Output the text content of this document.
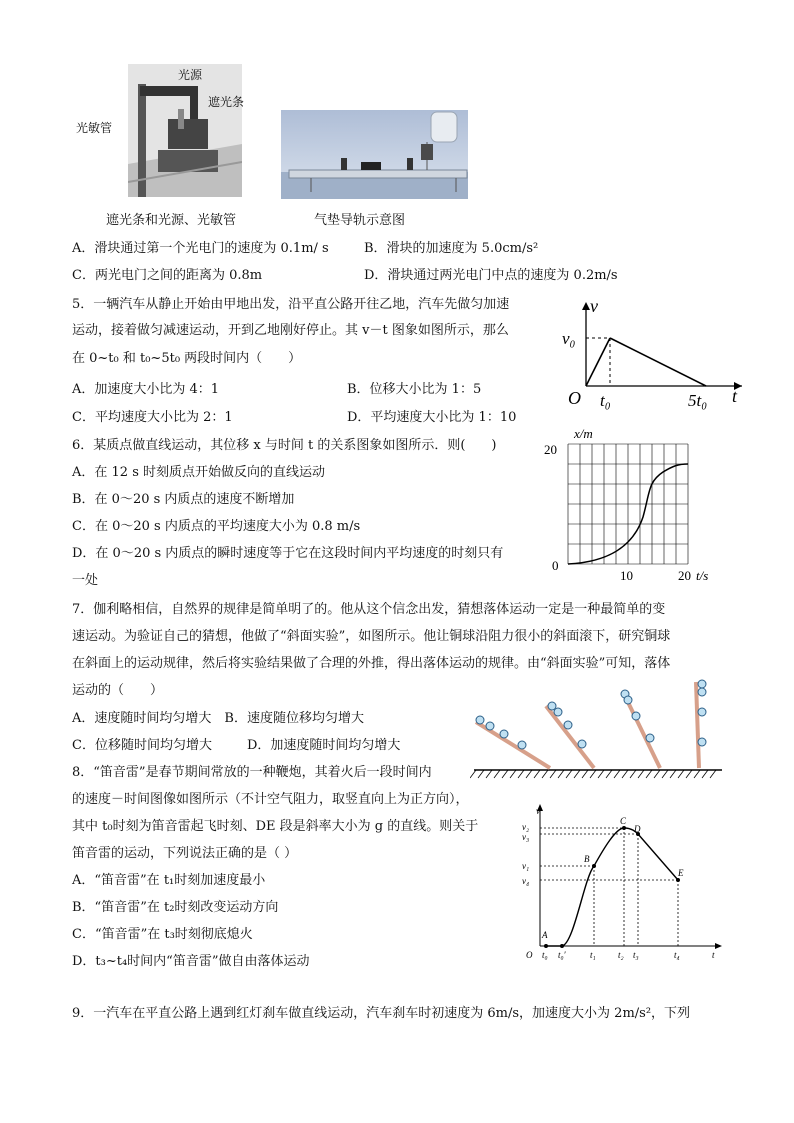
光源
遮光条
光敏管
遮光条和光源、光敏管	气垫导轨示意图
A．滑块通过第一个光电门的速度为 0.1m/ s	B．滑块的加速度为 5.0cm/s²
C．两光电门之间的距离为 0.8m	D．滑块通过两光电门中点的速度为 0.2m/s
5．一辆汽车从静止开始由甲地出发，沿平直公路开往乙地，汽车先做匀加速
运动，接着做匀减速运动，开到乙地刚好停止。其 v－t 图象如图所示，那么
在 0~t₀ 和 t₀~5t₀ 两段时间内（　　）
A．加速度大小比为 4：1	B．位移大小比为 1：5
C．平均速度大小比为 2：1	D．平均速度大小比为 1：10
v
v₀
O t₀	5t₀ t
6．某质点做直线运动，其位移 x 与时间 t 的关系图象如图所示．则(　　)
A．在 12 s 时刻质点开始做反向的直线运动
B．在 0～20 s 内质点的速度不断增加
C．在 0～20 s 内质点的平均速度大小为 0.8 m/s
D．在 0～20 s 内质点的瞬时速度等于它在这段时间内平均速度的时刻只有
一处
x/m
20
0
10	20 t/s
7．伽利略相信，自然界的规律是简单明了的。他从这个信念出发，猜想落体运动一定是一种最简单的变
速运动。为验证自己的猜想，他做了“斜面实验”，如图所示。他让铜球沿阻力很小的斜面滚下，研究铜球
在斜面上的运动规律，然后将实验结果做了合理的外推，得出落体运动的规律。由“斜面实验”可知，落体
运动的（　　）
A．速度随时间均匀增大　B．速度随位移均匀增大
C．位移随时间均匀增大	D．加速度随时间均匀增大
8．“笛音雷”是春节期间常放的一种鞭炮，其着火后一段时间内
的速度－时间图像如图所示（不计空气阻力，取竖直向上为正方向），
其中 t₀时刻为笛音雷起飞时刻、DE 段是斜率大小为 g 的直线。则关于
笛音雷的运动，下列说法正确的是（ ）
A．“笛音雷”在 t₁时刻加速度最小
B．“笛音雷”在 t₂时刻改变运动方向
C．“笛音雷”在 t₃时刻彻底熄火
D．t₃~t₄时间内“笛音雷”做自由落体运动
v
v₂
v₃
v₁
v₄
A
B
C
D
E
O t₀ t₀′	t₁ t₂ t₃	t₄	t
9．一汽车在平直公路上遇到红灯刹车做直线运动，汽车刹车时初速度为 6m/s，加速度大小为 2m/s²，下列
